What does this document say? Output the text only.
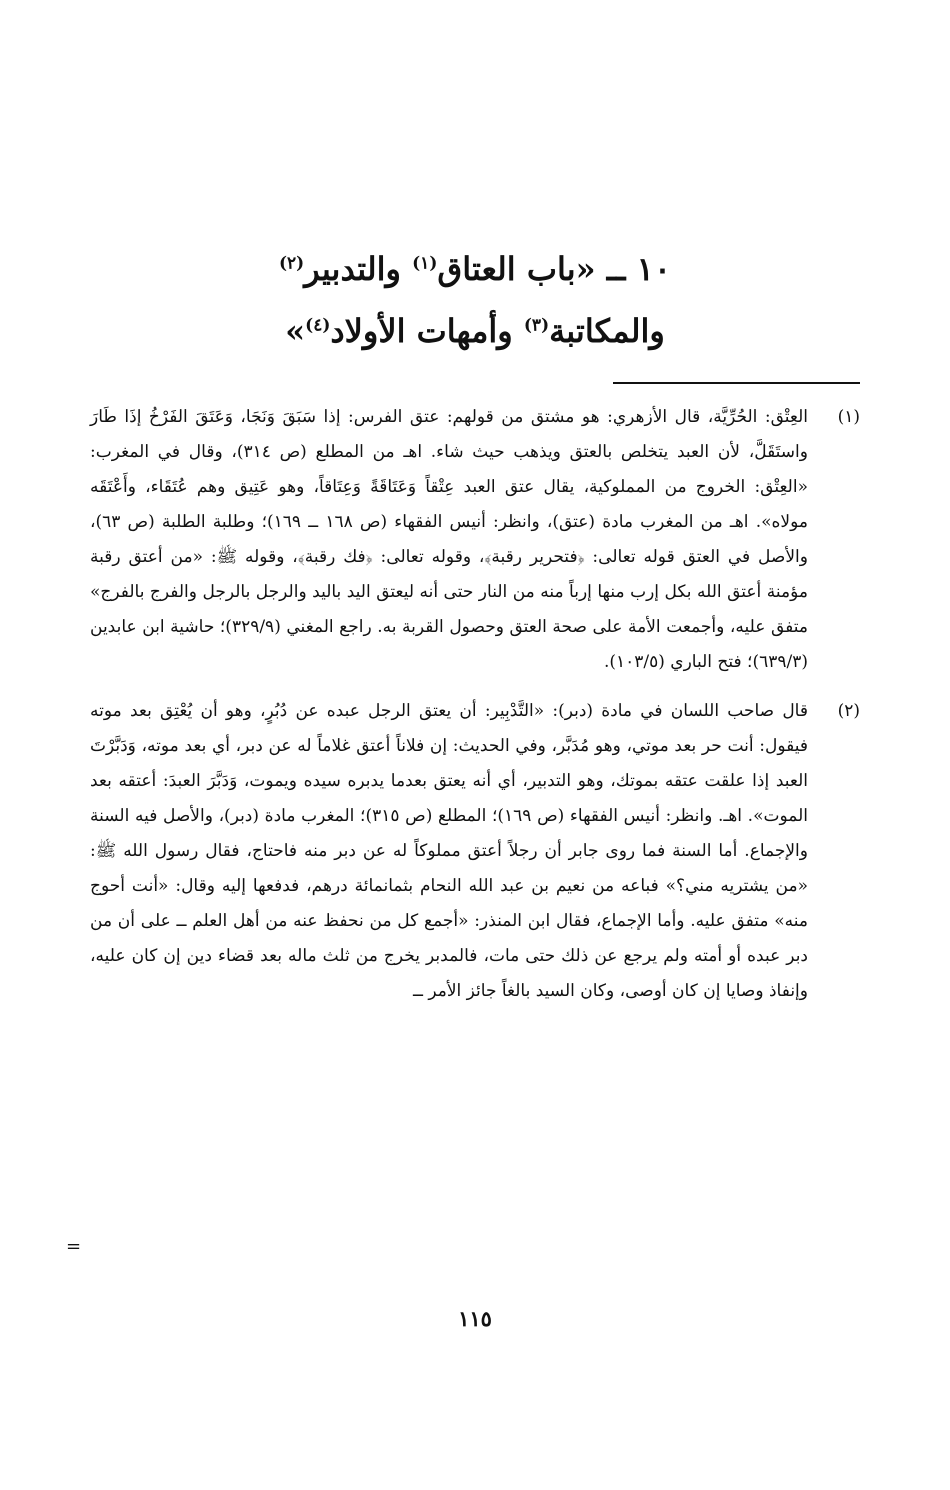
١٠ ــ «باب العتاق$^{(١)}$ والتدبير$^{(٢)}$
والمكاتبة$^{(٣)}$ وأمهات الأولاد$^{(٤)}$»
(١)
العِتْق: الحُرِّيَّة، قال الأزهري: هو مشتق من قولهم: عتق الفرس: إذا سَبَقَ وَنَجَا، وَعَتَقَ الفَرْخُ إذَا طَارَ واستَقَلَّ، لأن العبد يتخلص بالعتق ويذهب حيث شاء. اهـ من المطلع (ص ٣١٤)، وقال في المغرب: «العِتْق: الخروج من المملوكية، يقال عتق العبد عِتْقاً وَعَتَاقَةً وَعِتَاقاً، وهو عَتِيق وهم عُتَقَاء، وأَعْتَقَه مولاه». اهـ من المغرب مادة (عتق)، وانظر: أنيس الفقهاء (ص ١٦٨ ــ ١٦٩)؛ وطلبة الطلبة (ص ٦٣)، والأصل في العتق قوله تعالى: ﴿فتحرير رقبة﴾، وقوله تعالى: ﴿فك رقبة﴾، وقوله ﷺ: «من أعتق رقبة مؤمنة أعتق الله بكل إرب منها إرباً منه من النار حتى أنه ليعتق اليد باليد والرجل بالرجل والفرج بالفرج» متفق عليه، وأجمعت الأمة على صحة العتق وحصول القربة به. راجع المغني (٣٢٩/٩)؛ حاشية ابن عابدين (٦٣٩/٣)؛ فتح الباري (١٠٣/٥).
(٢)
قال صاحب اللسان في مادة (دبر): «التَّدْبِير: أن يعتق الرجل عبده عن دُبُرٍ، وهو أن يُعْتِق بعد موته فيقول: أنت حر بعد موتي، وهو مُدَبَّر، وفي الحديث: إن فلاناً أعتق غلاماً له عن دبر، أي بعد موته، وَدَبَّرْتَ العبد إذا علقت عتقه بموتك، وهو التدبير، أي أنه يعتق بعدما يدبره سيده ويموت، وَدَبَّرَ العبدَ: أعتقه بعد الموت». اهـ. وانظر: أنيس الفقهاء (ص ١٦٩)؛ المطلع (ص ٣١٥)؛ المغرب مادة (دبر)، والأصل فيه السنة والإجماع. أما السنة فما روى جابر أن رجلاً أعتق مملوكاً له عن دبر منه فاحتاج، فقال رسول الله ﷺ: «من يشتريه مني؟» فباعه من نعيم بن عبد الله النحام بثمانمائة درهم، فدفعها إليه وقال: «أنت أحوج منه» متفق عليه. وأما الإجماع، فقال ابن المنذر: «أجمع كل من نحفظ عنه من أهل العلم ــ على أن من دبر عبده أو أمته ولم يرجع عن ذلك حتى مات، فالمدبر يخرج من ثلث ماله بعد قضاء دين إن كان عليه، وإنفاذ وصايا إن كان أوصى، وكان السيد بالغاً جائز الأمر ــ
=
١١٥
